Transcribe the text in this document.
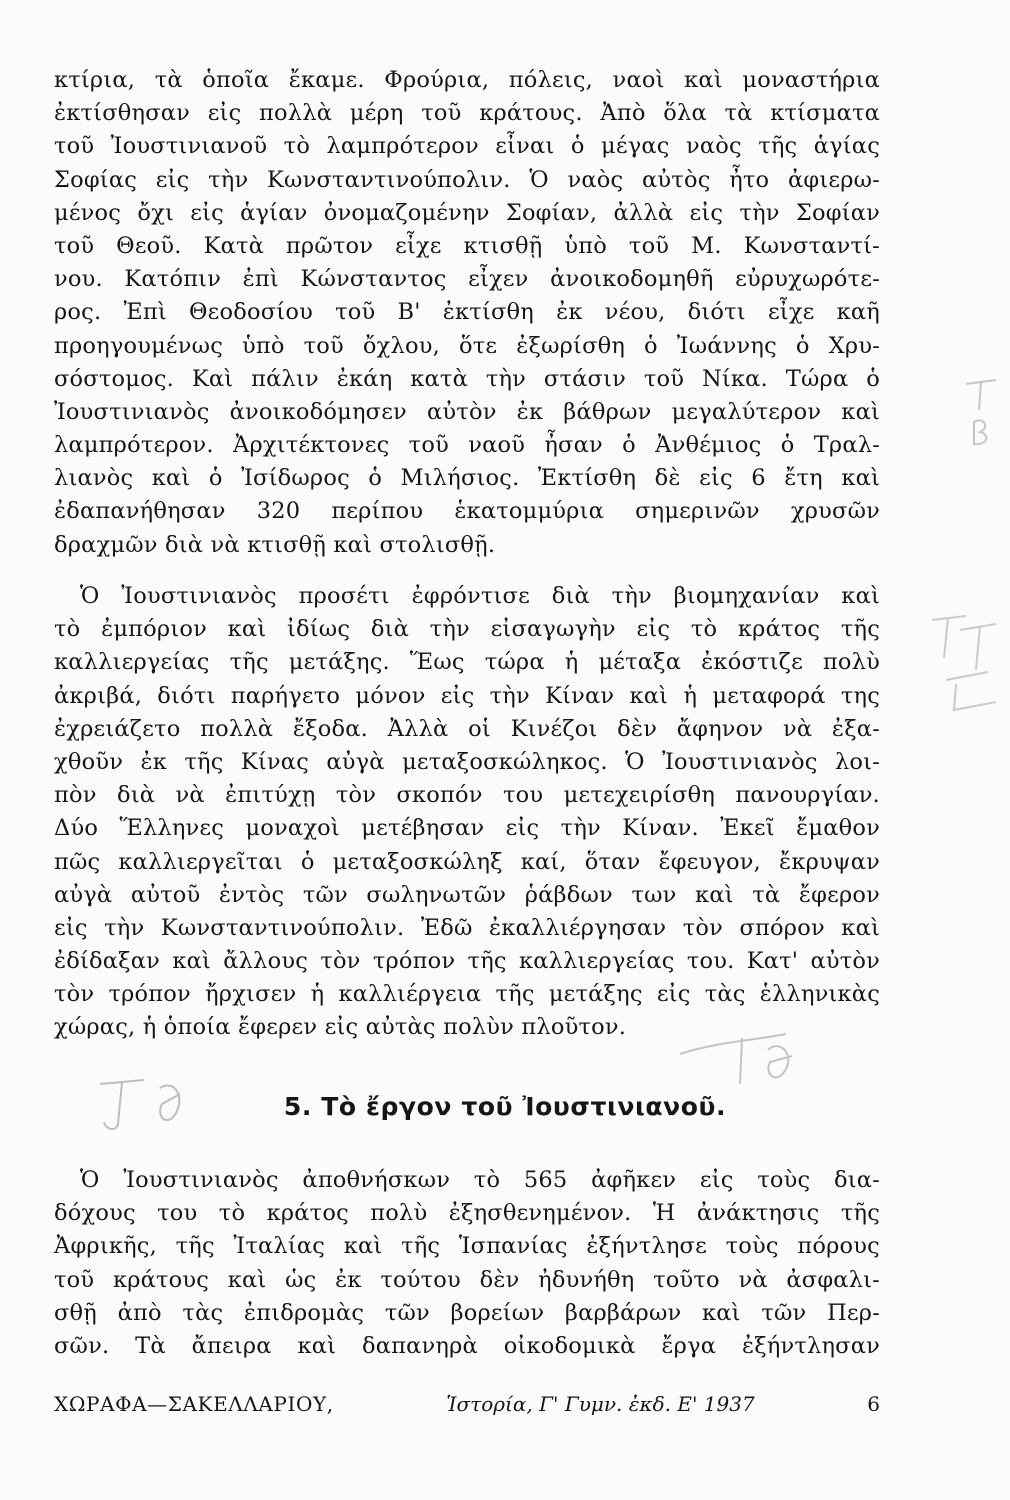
κτίρια, τὰ ὁποῖα ἔκαμε. Φρούρια, πόλεις, ναοὶ καὶ μοναστήρια
ἐκτίσθησαν εἰς πολλὰ μέρη τοῦ κράτους. Ἀπὸ ὅλα τὰ κτίσματα
τοῦ Ἰουστινιανοῦ τὸ λαμπρότερον εἶναι ὁ μέγας ναὸς τῆς ἁγίας
Σοφίας εἰς τὴν Κωνσταντινούπολιν. Ὁ ναὸς αὐτὸς ἦτο ἀφιερω-
μένος ὄχι εἰς ἁγίαν ὀνομαζομένην Σοφίαν, ἀλλὰ εἰς τὴν Σοφίαν
τοῦ Θεοῦ. Κατὰ πρῶτον εἶχε κτισθῇ ὑπὸ τοῦ Μ. Κωνσταντί-
νου. Κατόπιν ἐπὶ Κώνσταντος εἶχεν ἀνοικοδομηθῆ εὐρυχωρότε-
ρος. Ἐπὶ Θεοδοσίου τοῦ Β' ἐκτίσθη ἐκ νέου, διότι εἶχε καῆ
προηγουμένως ὑπὸ τοῦ ὄχλου, ὅτε ἐξωρίσθη ὁ Ἰωάννης ὁ Χρυ-
σόστομος. Καὶ πάλιν ἐκάη κατὰ τὴν στάσιν τοῦ Νίκα. Τώρα ὁ
Ἰουστινιανὸς ἀνοικοδόμησεν αὐτὸν ἐκ βάθρων μεγαλύτερον καὶ
λαμπρότερον. Ἀρχιτέκτονες τοῦ ναοῦ ἦσαν ὁ Ἀνθέμιος ὁ Τραλ-
λιανὸς καὶ ὁ Ἰσίδωρος ὁ Μιλήσιος. Ἐκτίσθη δὲ εἰς 6 ἔτη καὶ
ἐδαπανήθησαν 320 περίπου ἑκατομμύρια σημερινῶν χρυσῶν
δραχμῶν διὰ νὰ κτισθῇ καὶ στολισθῇ.
Ὁ Ἰουστινιανὸς προσέτι ἐφρόντισε διὰ τὴν βιομηχανίαν καὶ
τὸ ἐμπόριον καὶ ἰδίως διὰ τὴν εἰσαγωγὴν εἰς τὸ κράτος τῆς
καλλιεργείας τῆς μετάξης. Ἕως τώρα ἡ μέταξα ἐκόστιζε πολὺ
ἀκριβά, διότι παρήγετο μόνον εἰς τὴν Κίναν καὶ ἡ μεταφορά της
ἐχρειάζετο πολλὰ ἔξοδα. Ἀλλὰ οἱ Κινέζοι δὲν ἄφηνον νὰ ἐξα-
χθοῦν ἐκ τῆς Κίνας αὐγὰ μεταξοσκώληκος. Ὁ Ἰουστινιανὸς λοι-
πὸν διὰ νὰ ἐπιτύχῃ τὸν σκοπόν του μετεχειρίσθη πανουργίαν.
Δύο Ἕλληνες μοναχοὶ μετέβησαν εἰς τὴν Κίναν. Ἐκεῖ ἔμαθον
πῶς καλλιεργεῖται ὁ μεταξοσκώληξ καί, ὅταν ἔφευγον, ἔκρυψαν
αὐγὰ αὐτοῦ ἐντὸς τῶν σωληνωτῶν ῥάβδων των καὶ τὰ ἔφερον
εἰς τὴν Κωνσταντινούπολιν. Ἐδῶ ἐκαλλιέργησαν τὸν σπόρον καὶ
ἐδίδαξαν καὶ ἄλλους τὸν τρόπον τῆς καλλιεργείας του. Κατ' αὐτὸν
τὸν τρόπον ἤρχισεν ἡ καλλιέργεια τῆς μετάξης εἰς τὰς ἑλληνικὰς
χώρας, ἡ ὁποία ἔφερεν εἰς αὐτὰς πολὺν πλοῦτον.
5. Τὸ ἔργον τοῦ Ἰουστινιανοῦ.
Ὁ Ἰουστινιανὸς ἀποθνήσκων τὸ 565 ἀφῆκεν εἰς τοὺς δια-
δόχους του τὸ κράτος πολὺ ἐξησθενημένον. Ἡ ἀνάκτησις τῆς
Ἀφρικῆς, τῆς Ἰταλίας καὶ τῆς Ἱσπανίας ἐξήντλησε τοὺς πόρους
τοῦ κράτους καὶ ὡς ἐκ τούτου δὲν ἠδυνήθη τοῦτο νὰ ἀσφαλι-
σθῇ ἀπὸ τὰς ἐπιδρομὰς τῶν βορείων βαρβάρων καὶ τῶν Περ-
σῶν. Τὰ ἄπειρα καὶ δαπανηρὰ οἰκοδομικὰ ἔργα ἐξήντλησαν
ΧΩΡΑΦΑ—ΣΑΚΕΛΛΑΡΙΟΥ,	Ἱστορία, Γ' Γυμν. ἐκδ. Ε' 1937	6
